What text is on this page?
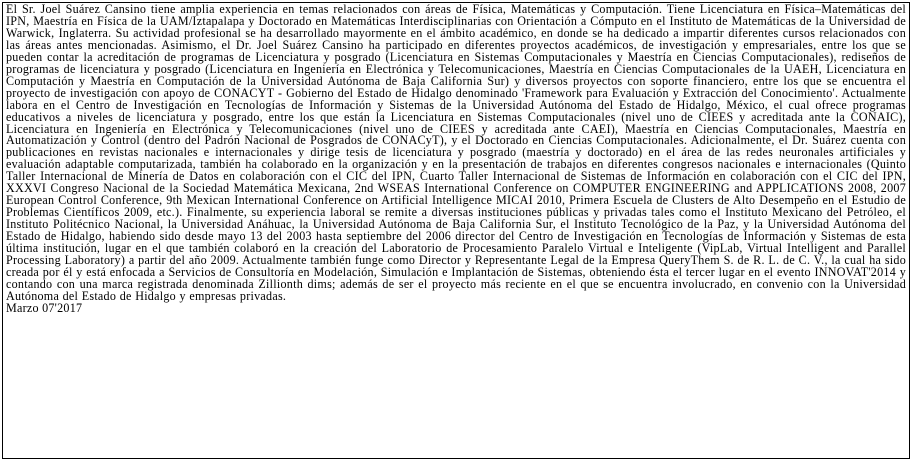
El Sr. Joel Suárez Cansino tiene amplia experiencia en temas relacionados con áreas de Física, Matemáticas y Computación. Tiene Licenciatura en Física–Matemáticas del IPN, Maestría en Física de la UAM/Iztapalapa y Doctorado en Matemáticas Interdisciplinarias con Orientación a Cómputo en el Instituto de Matemáticas de la Universidad de Warwick, Inglaterra. Su actividad profesional se ha desarrollado mayormente en el ámbito académico, en donde se ha dedicado a impartir diferentes cursos relacionados con las áreas antes mencionadas. Asimismo, el Dr. Joel Suárez Cansino ha participado en diferentes proyectos académicos, de investigación y empresariales, entre los que se pueden contar la acreditación de programas de Licenciatura y posgrado (Licenciatura en Sistemas Computacionales y Maestría en Ciencias Computacionales), rediseños de programas de licenciatura y posgrado (Licenciatura en Ingeniería en Electrónica y Telecomunicaciones, Maestría en Ciencias Computacionales de la UAEH, Licenciatura en Computación y Maestría en Computación de la Universidad Autónoma de Baja California Sur) y diversos proyectos con soporte financiero, entre los que se encuentra el proyecto de investigación con apoyo de CONACYT - Gobierno del Estado de Hidalgo denominado 'Framework para Evaluación y Extracción del Conocimiento'. Actualmente labora en el Centro de Investigación en Tecnologías de Información y Sistemas de la Universidad Autónoma del Estado de Hidalgo, México, el cual ofrece programas educativos a niveles de licenciatura y posgrado, entre los que están la Licenciatura en Sistemas Computacionales (nivel uno de CIEES y acreditada ante la CONAIC), Licenciatura en Ingeniería en Electrónica y Telecomunicaciones (nivel uno de CIEES y acreditada ante CAEI), Maestría en Ciencias Computacionales, Maestría en Automatización y Control (dentro del Padrón Nacional de Posgrados de CONACyT), y el Doctorado en Ciencias Computacionales. Adicionalmente, el Dr. Suárez cuenta con publicaciones en revistas nacionales e internacionales y dirige tesis de licenciatura y posgrado (maestría y doctorado) en el área de las redes neuronales artificiales y evaluación adaptable computarizada, también ha colaborado en la organización y en la presentación de trabajos en diferentes congresos nacionales e internacionales (Quinto Taller Internacional de Minería de Datos en colaboración con el CIC del IPN, Cuarto Taller Internacional de Sistemas de Información en colaboración con el CIC del IPN, XXXVI Congreso Nacional de la Sociedad Matemática Mexicana, 2nd WSEAS International Conference on COMPUTER ENGINEERING and APPLICATIONS 2008, 2007 European Control Conference, 9th Mexican International Conference on Artificial Intelligence MICAI 2010, Primera Escuela de Clusters de Alto Desempeño en el Estudio de Problemas Científicos 2009, etc.). Finalmente, su experiencia laboral se remite a diversas instituciones públicas y privadas tales como el Instituto Mexicano del Petróleo, el Instituto Politécnico Nacional, la Universidad Anáhuac, la Universidad Autónoma de Baja California Sur, el Instituto Tecnológico de la Paz, y la Universidad Autónoma del Estado de Hidalgo, habiendo sido desde mayo 13 del 2003 hasta septiembre del 2006 director del Centro de Investigación en Tecnologías de Información y Sistemas de esta última institución, lugar en el que también colaboró en la creación del Laboratorio de Procesamiento Paralelo Virtual e Inteligente (VipLab, Virtual Intelligent and Parallel Processing Laboratory) a partir del año 2009. Actualmente también funge como Director y Representante Legal de la Empresa QueryThem S. de R. L. de C. V., la cual ha sido creada por él y está enfocada a Servicios de Consultoría en Modelación, Simulación e Implantación de Sistemas, obteniendo ésta el tercer lugar en el evento INNOVAT'2014 y contando con una marca registrada denominada Zillionth dims; además de ser el proyecto más reciente en el que se encuentra involucrado, en convenio con la Universidad Autónoma del Estado de Hidalgo y empresas privadas.

Marzo 07'2017
